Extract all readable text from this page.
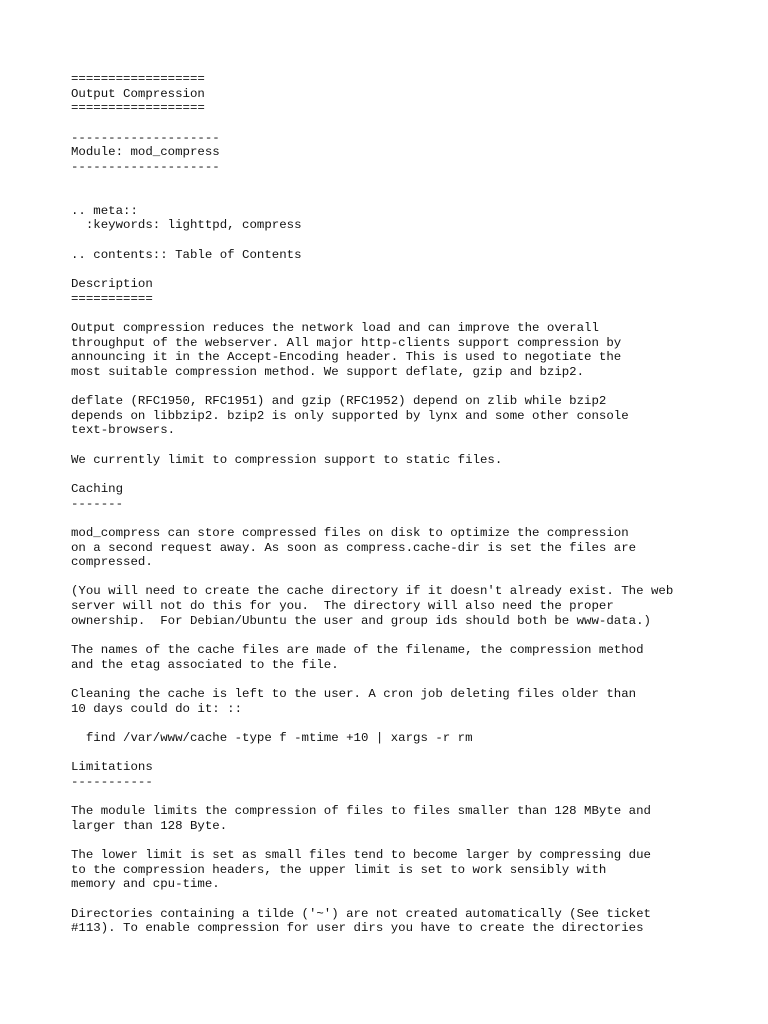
==================
Output Compression
==================
--------------------
Module: mod_compress
--------------------
.. meta::
:keywords: lighttpd, compress
.. contents:: Table of Contents
Description
===========
Output compression reduces the network load and can improve the overall
throughput of the webserver. All major http-clients support compression by
announcing it in the Accept-Encoding header. This is used to negotiate the
most suitable compression method. We support deflate, gzip and bzip2.
deflate (RFC1950, RFC1951) and gzip (RFC1952) depend on zlib while bzip2
depends on libbzip2. bzip2 is only supported by lynx and some other console
text-browsers.
We currently limit to compression support to static files.
Caching
-------
mod_compress can store compressed files on disk to optimize the compression
on a second request away. As soon as compress.cache-dir is set the files are
compressed.
(You will need to create the cache directory if it doesn't already exist. The web
server will not do this for you.  The directory will also need the proper
ownership.  For Debian/Ubuntu the user and group ids should both be www-data.)
The names of the cache files are made of the filename, the compression method
and the etag associated to the file.
Cleaning the cache is left to the user. A cron job deleting files older than
10 days could do it: ::
find /var/www/cache -type f -mtime +10 | xargs -r rm
Limitations
-----------
The module limits the compression of files to files smaller than 128 MByte and
larger than 128 Byte.
The lower limit is set as small files tend to become larger by compressing due
to the compression headers, the upper limit is set to work sensibly with
memory and cpu-time.
Directories containing a tilde ('~') are not created automatically (See ticket
#113). To enable compression for user dirs you have to create the directories
